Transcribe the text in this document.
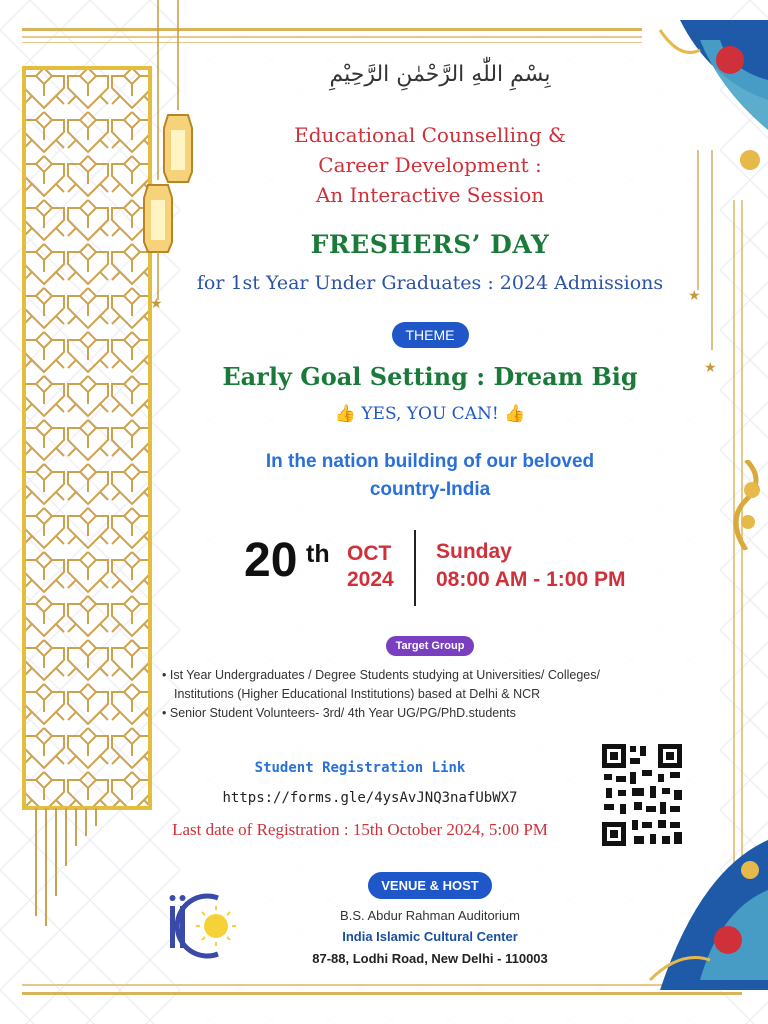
★	★
★
بِسْمِ اللّٰهِ الرَّحْمٰنِ الرَّحِيْمِ
Educational Counselling &
Career Development :
An Interactive Session
FRESHERS’ DAY
for 1st Year Under Graduates : 2024 Admissions
THEME
Early Goal Setting : Dream Big
👍 YES, YOU CAN! 👍
In the nation building of our beloved
country-India
20 th OCT
2024
Sunday
08:00 AM - 1:00 PM
Target Group
• Ist Year Undergraduates / Degree Students studying at Universities/ Colleges/
Institutions (Higher Educational Institutions) based at Delhi & NCR
• Senior Student Volunteers- 3rd/ 4th Year UG/PG/PhD.students
Student Registration Link
https://forms.gle/4ysAvJNQ3nafUbWX7
Last date of Registration : 15th October 2024, 5:00 PM
VENUE & HOST
B.S. Abdur Rahman Auditorium
India Islamic Cultural Center
87-88, Lodhi Road, New Delhi - 110003
